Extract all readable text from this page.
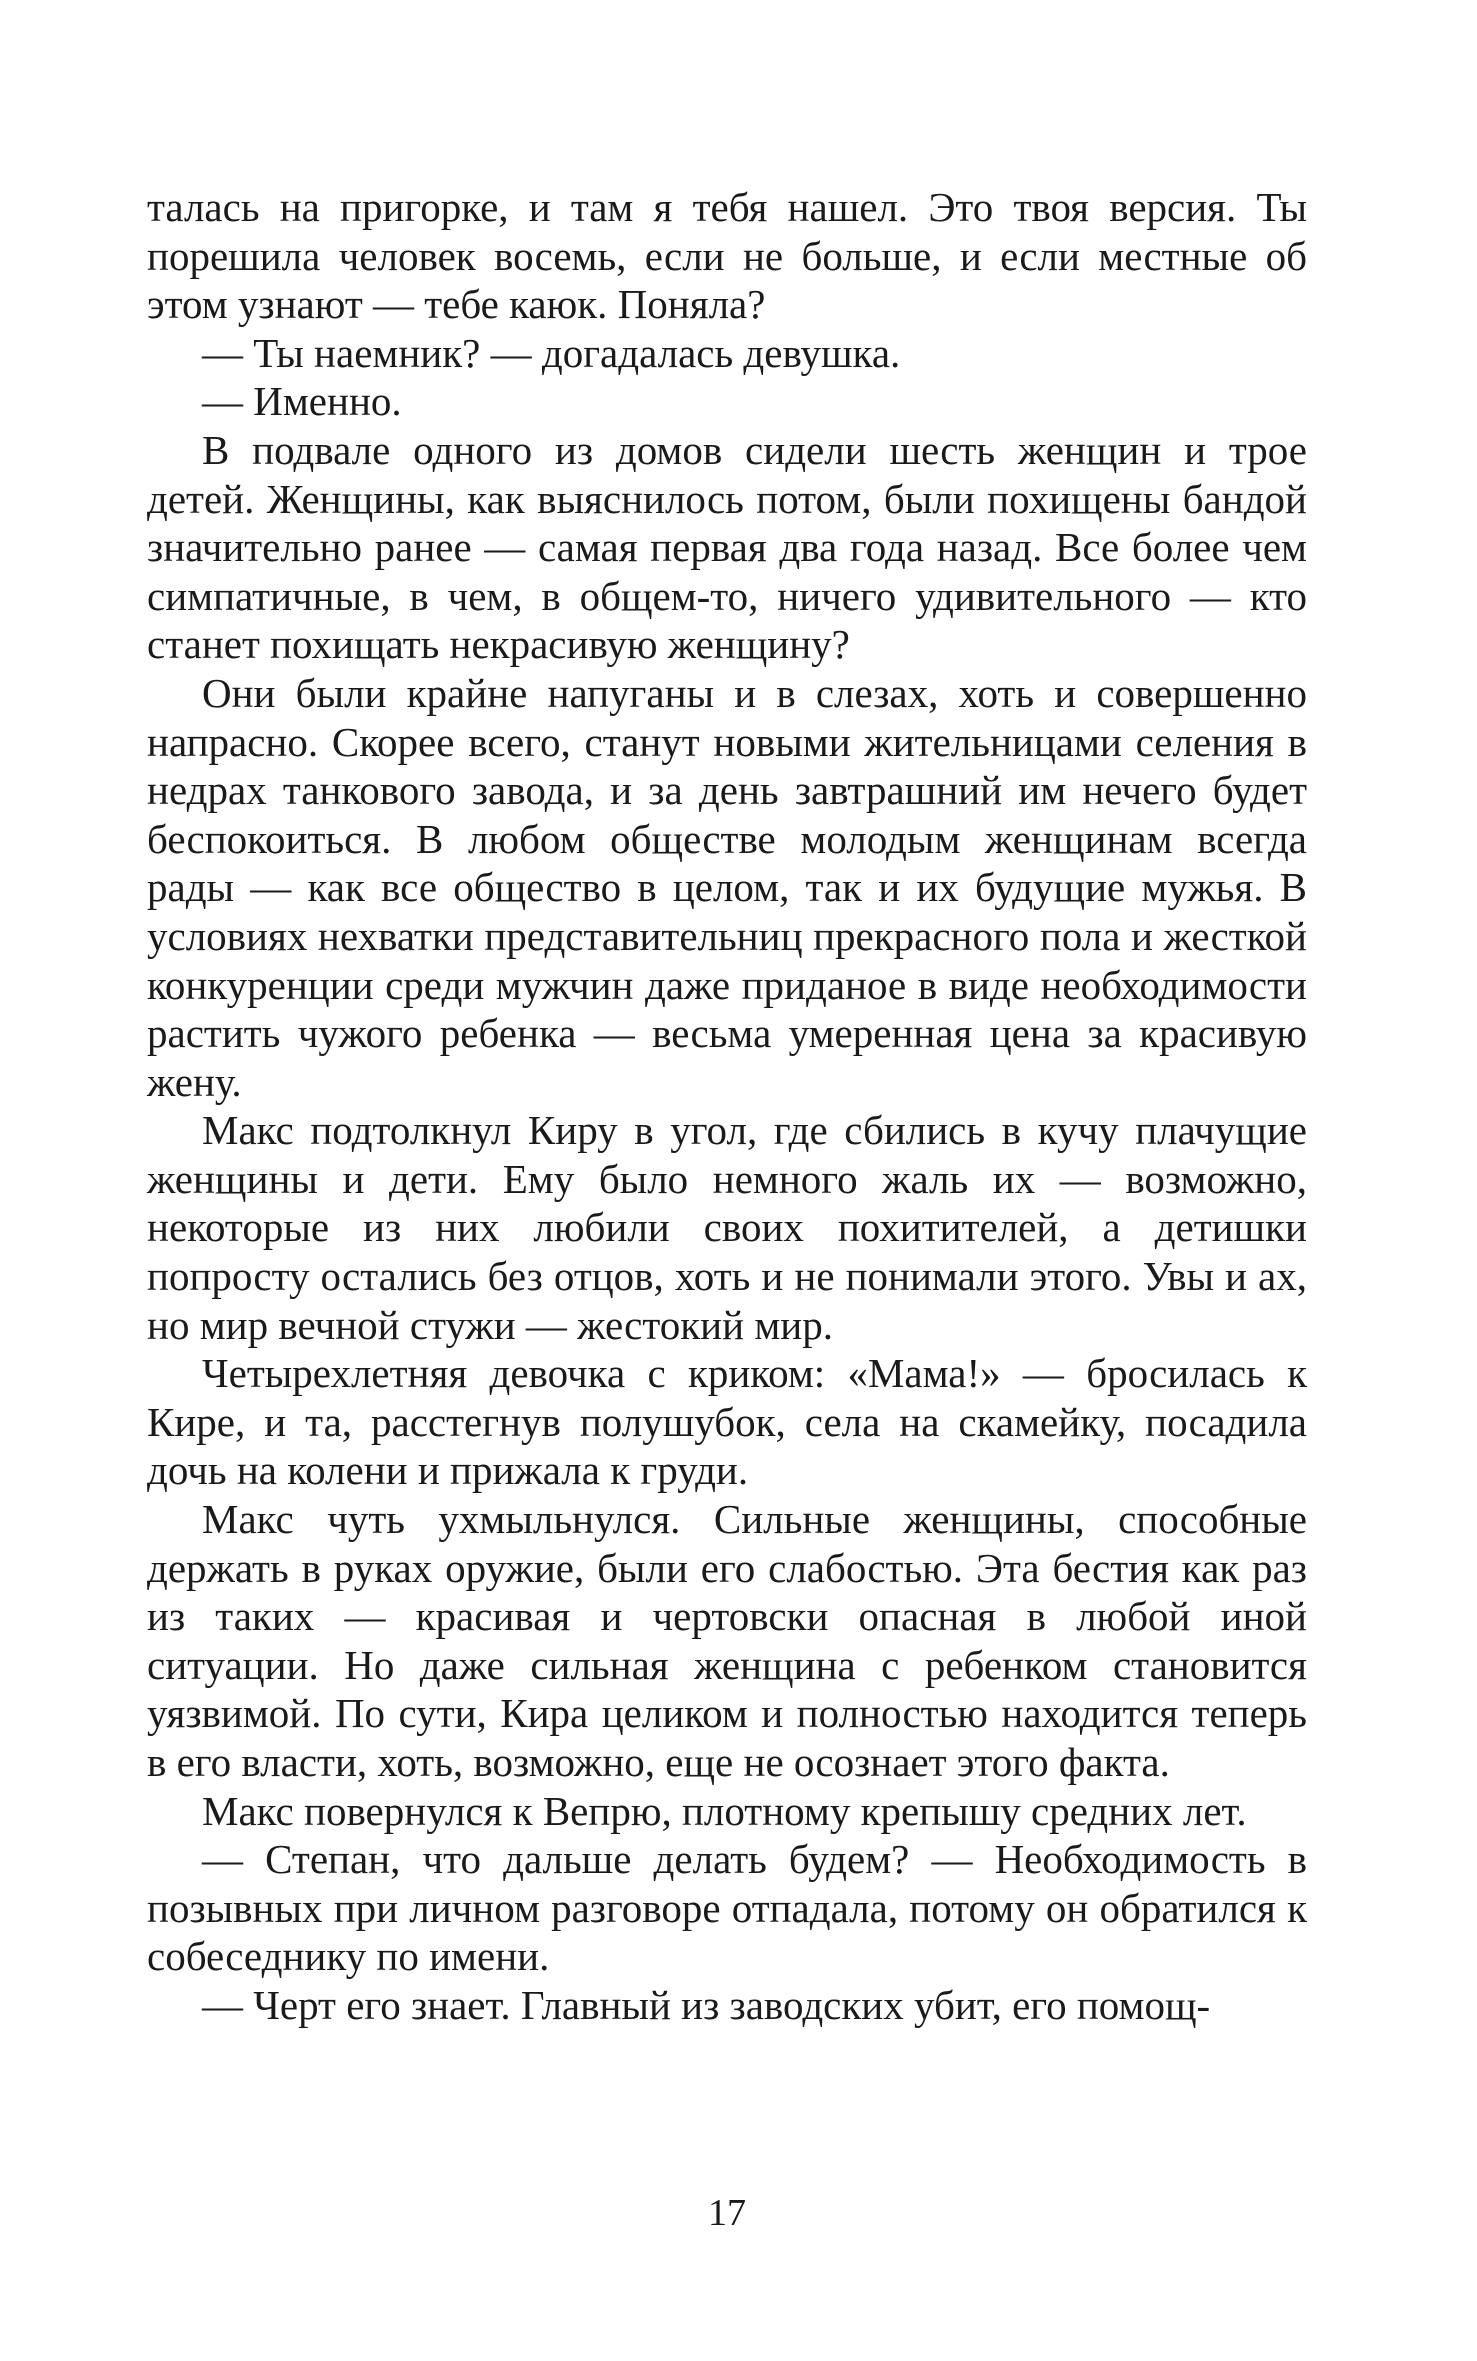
талась на пригорке, и там я тебя нашел. Это твоя версия. Ты порешила человек восемь, если не больше, и если местные об этом узнают — тебе каюк. Поняла?

— Ты наемник? — догадалась девушка.

— Именно.

В подвале одного из домов сидели шесть женщин и трое детей. Женщины, как выяснилось потом, были похищены бандой значительно ранее — самая первая два года назад. Все более чем симпатичные, в чем, в общем-то, ничего удивительного — кто станет похищать некрасивую женщину?

Они были крайне напуганы и в слезах, хоть и совершенно напрасно. Скорее всего, станут новыми жительницами селения в недрах танкового завода, и за день завтрашний им нечего будет беспокоиться. В любом обществе молодым женщинам всегда рады — как все общество в целом, так и их будущие мужья. В условиях нехватки представительниц прекрасного пола и жесткой конкуренции среди мужчин даже приданое в виде необходимости растить чужого ребенка — весьма умеренная цена за красивую жену.

Макс подтолкнул Киру в угол, где сбились в кучу плачущие женщины и дети. Ему было немного жаль их — возможно, некоторые из них любили своих похитителей, а детишки попросту остались без отцов, хоть и не понимали этого. Увы и ах, но мир вечной стужи — жестокий мир.

Четырехлетняя девочка с криком: «Мама!» — бросилась к Кире, и та, расстегнув полушубок, села на скамейку, посадила дочь на колени и прижала к груди.

Макс чуть ухмыльнулся. Сильные женщины, способные держать в руках оружие, были его слабостью. Эта бестия как раз из таких — красивая и чертовски опасная в любой иной ситуации. Но даже сильная женщина с ребенком становится уязвимой. По сути, Кира целиком и полностью находится теперь в его власти, хоть, возможно, еще не осознает этого факта.

Макс повернулся к Вепрю, плотному крепышу средних лет.

— Степан, что дальше делать будем? — Необходимость в позывных при личном разговоре отпадала, потому он обратился к собеседнику по имени.

— Черт его знает. Главный из заводских убит, его помощ-

17
